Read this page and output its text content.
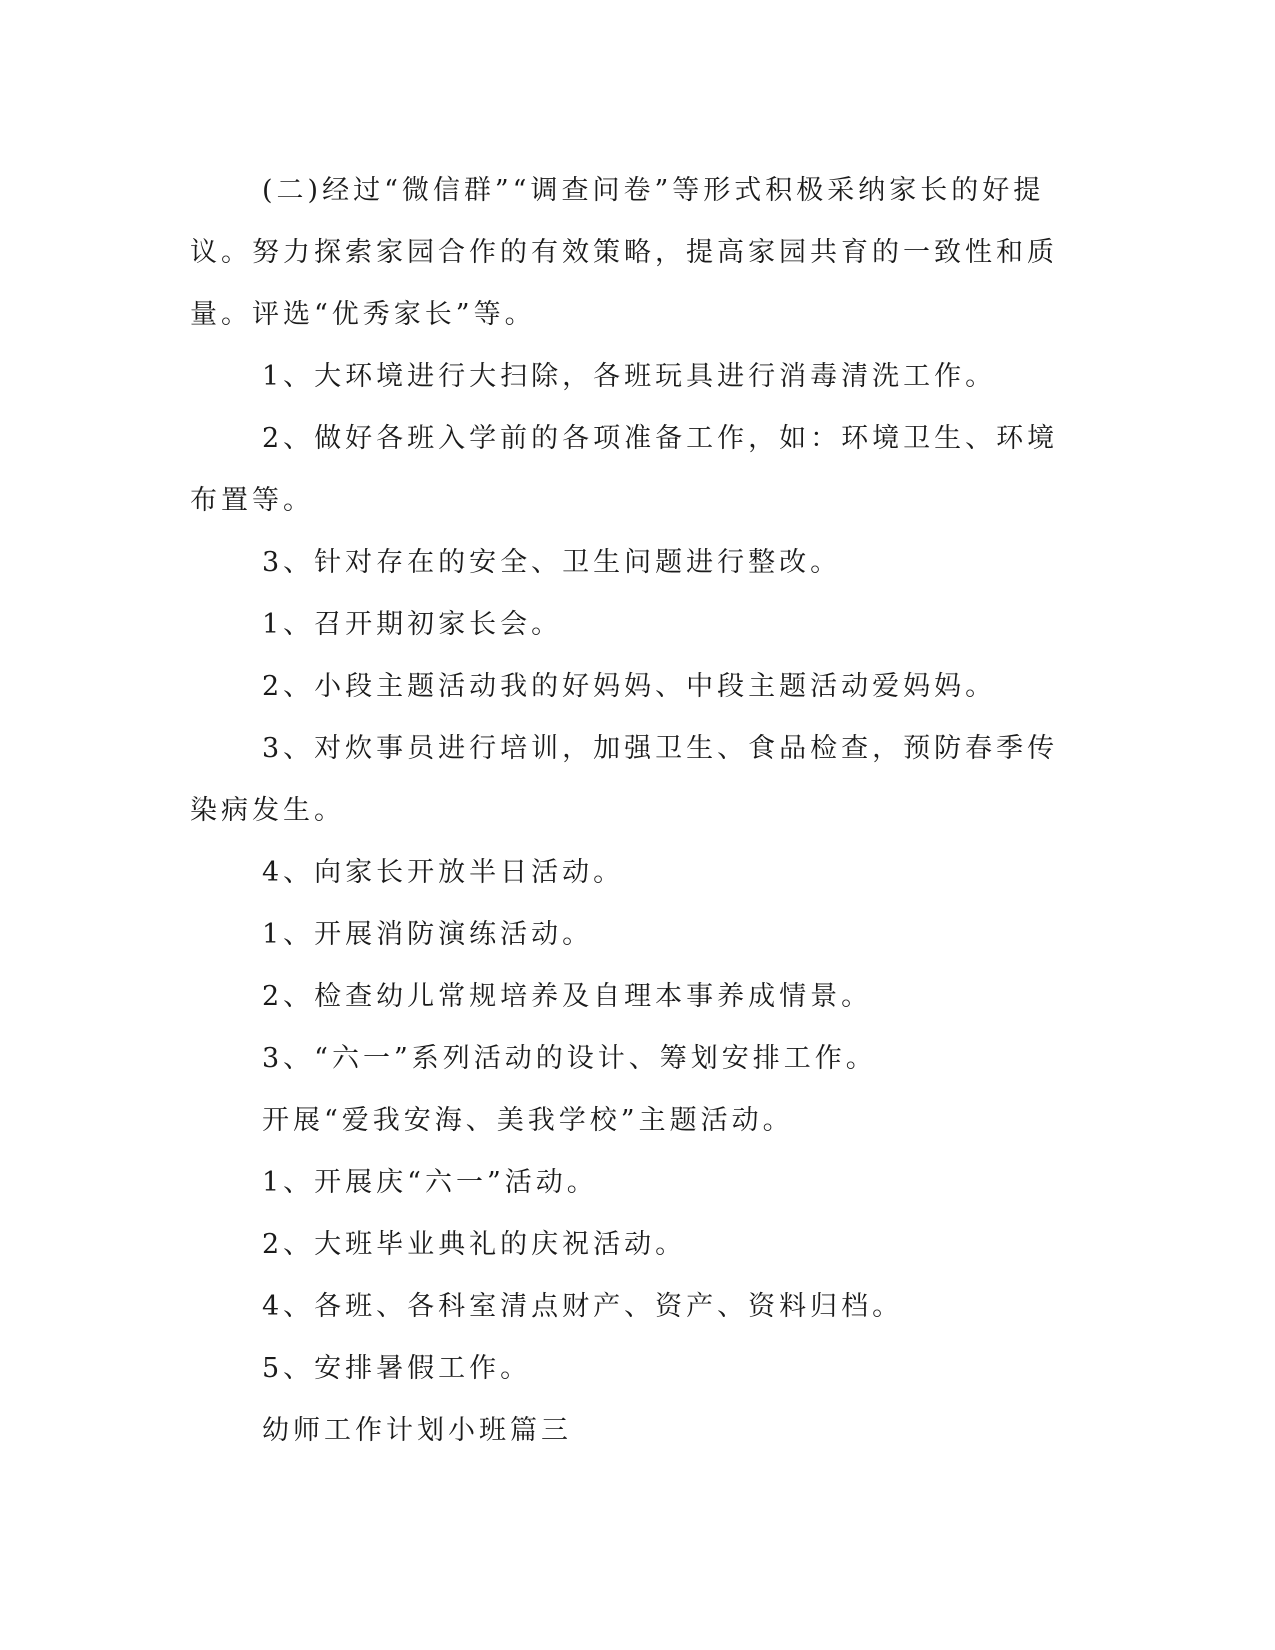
(二)经过“微信群”“调查问卷”等形式积极采纳家长的好提议。努力探索家园合作的有效策略，提高家园共育的一致性和质量。评选“优秀家长”等。

1、大环境进行大扫除，各班玩具进行消毒清洗工作。

2、做好各班入学前的各项准备工作，如：环境卫生、环境布置等。

3、针对存在的安全、卫生问题进行整改。

1、召开期初家长会。

2、小段主题活动我的好妈妈、中段主题活动爱妈妈。

3、对炊事员进行培训，加强卫生、食品检查，预防春季传染病发生。

4、向家长开放半日活动。

1、开展消防演练活动。

2、检查幼儿常规培养及自理本事养成情景。

3、“六一”系列活动的设计、筹划安排工作。

开展“爱我安海、美我学校”主题活动。

1、开展庆“六一”活动。

2、大班毕业典礼的庆祝活动。

4、各班、各科室清点财产、资产、资料归档。

5、安排暑假工作。

幼师工作计划小班篇三
